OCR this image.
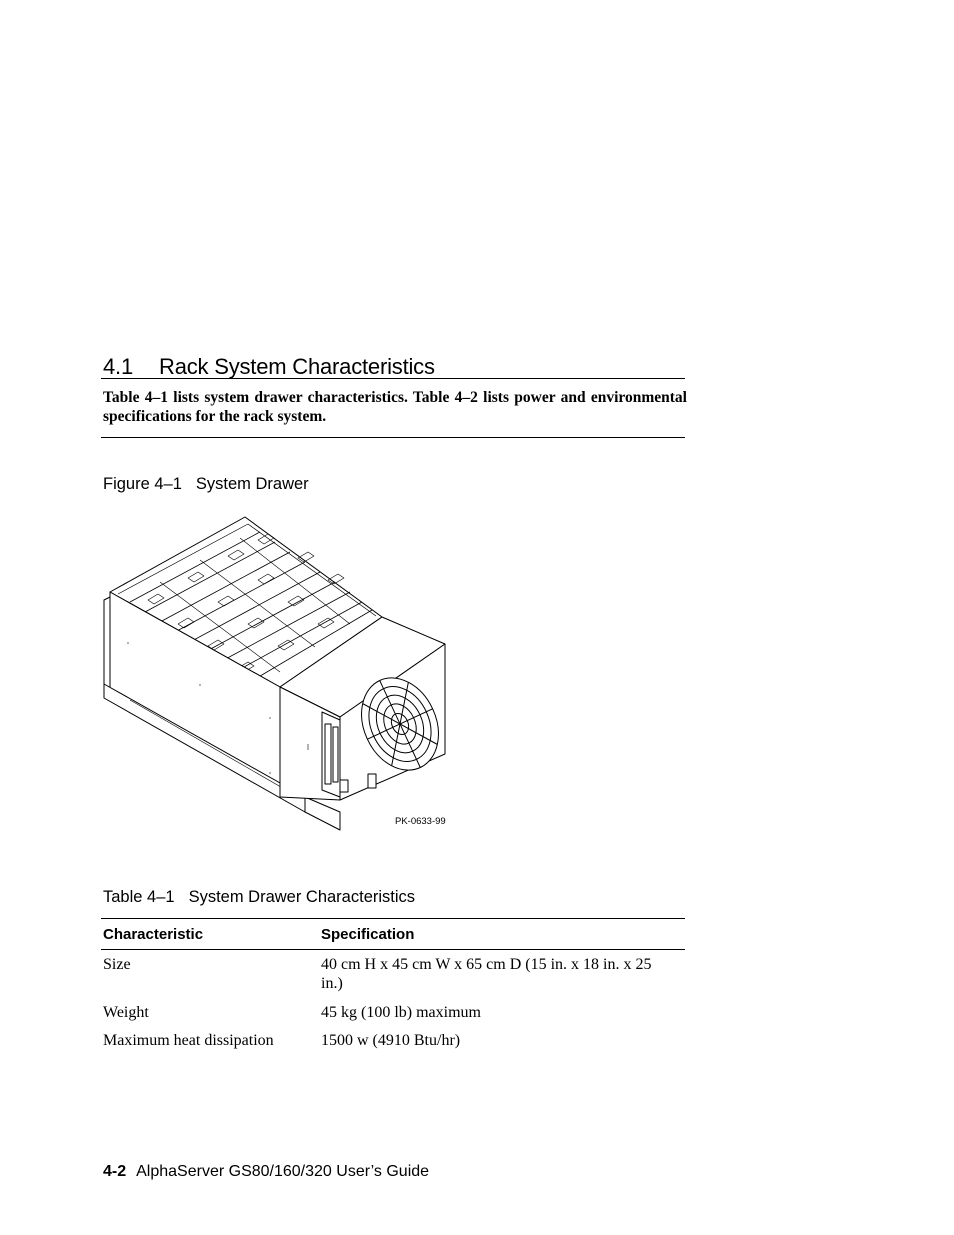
4.1 Rack System Characteristics

Table 4–1 lists system drawer characteristics. Table 4–2 lists power and environmental specifications for the rack system.

Figure 4–1 System Drawer
PK-0633-99
Table 4–1 System Drawer Characteristics
Characteristic	Specification
Size	40 cm H x 45 cm W x 65 cm D (15 in. x 18 in. x 25 in.)
Weight	45 kg (100 lb) maximum
Maximum heat dissipation	1500 w (4910 Btu/hr)
4-2 AlphaServer GS80/160/320 User’s Guide
